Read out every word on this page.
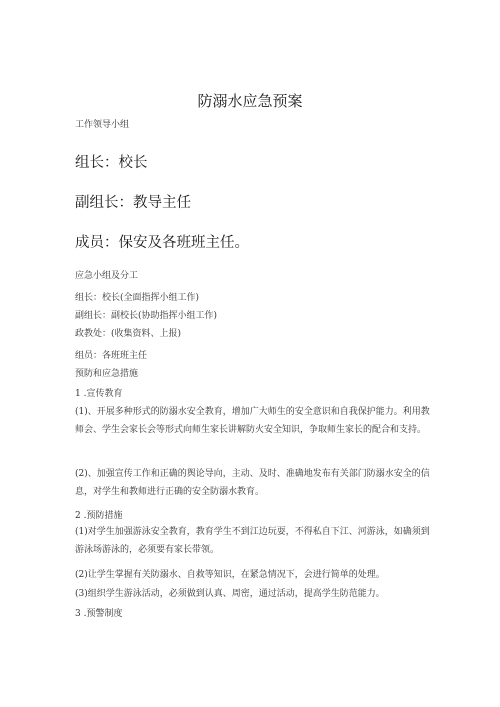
防溺水应急预案
工作领导小组
组长：校长
副组长：教导主任
成员：保安及各班班主任。
应急小组及分工
组长：校长(全面指挥小组工作)
副组长：副校长(协助指挥小组工作)
政教处：(收集资料、上报)
组员：各班班主任
预防和应急措施
1 .宣传教育
(1)、开展多种形式的防溺水安全教育，增加广大师生的安全意识和自我保护能力。利用教师会、学生会家长会等形式向师生家长讲解防火安全知识，争取师生家长的配合和支持。
(2)、加强宣传工作和正确的舆论导向，主动、及时、准确地发布有关部门防溺水安全的信息，对学生和教师进行正确的安全防溺水教育。
2 .预防措施
(1)对学生加强游泳安全教育，教育学生不到江边玩耍，不得私自下江、河游泳，如确须到游泳场游泳的，必须要有家长带领。
(2)让学生掌握有关防溺水、自救等知识，在紧急情况下，会进行简单的处理。
(3)组织学生游泳活动，必须做到认真、周密，通过活动，提高学生防范能力。
3 .预警制度
